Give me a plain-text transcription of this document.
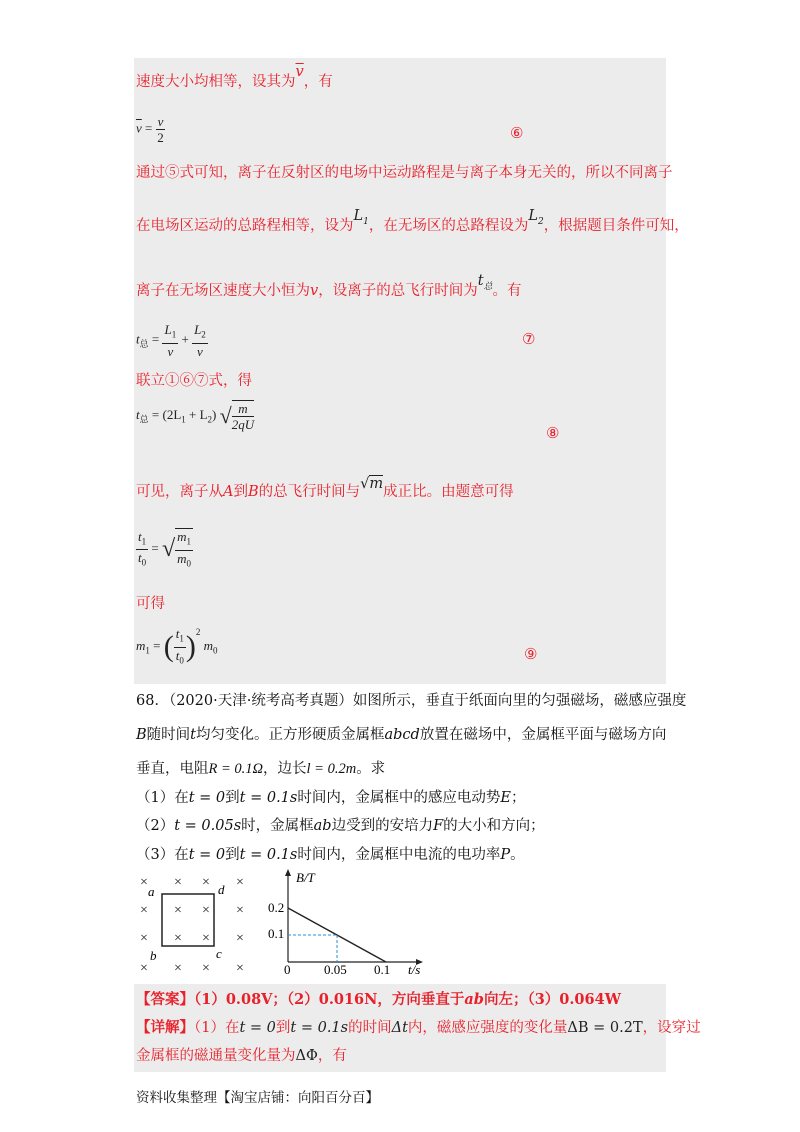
速度大小均相等，设其为$\overline{v}$，有
$\overline{v} = \frac{v}{2}$	⑥
通过⑤式可知，离子在反射区的电场中运动路程是与离子本身无关的，所以不同离子
在电场区运动的总路程相等，设为$L_1$，在无场区的总路程设为$L_2$，根据题目条件可知，
离子在无场区速度大小恒为v，设离子的总飞行时间为$t_总$。有
$t_总 = \frac{L_1}{v} + \frac{L_2}{v}$	⑦
联立①⑥⑦式，得
$t_总 = (2L_1 + L_2)$ √ $\frac{m}{2qU}$
⑧
可见，离子从A到B的总飞行时间与√m成正比。由题意可得
$\frac{t_1}{t_0}$ = √ $\frac{m_1}{m_0}$
可得
$m_1$ = ( $\frac{t_1}{t_0} )^2$ $m_0$	⑨
68．（2020·天津·统考高考真题）如图所示，垂直于纸面向里的匀强磁场，磁感应强度
B随时间t均匀变化。正方形硬质金属框abcd放置在磁场中，金属框平面与磁场方向
垂直，电阻R = 0.1Ω，边长l = 0.2m。求
（1）在t = 0到t = 0.1s时间内，金属框中的感应电动势E；
（2）t = 0.05s时，金属框ab边受到的安培力F的大小和方向；
（3）在t = 0到t = 0.1s时间内，金属框中电流的电功率P。
a	d
b	c
× × × ×
× × × ×
× × × ×
× × × ×
B/T
t/s
0.2
0.1
0	0.05 0.1
【答案】（1）0.08V；（2）0.016N，方向垂直于ab向左；（3）0.064W
【详解】（1）在t = 0到t = 0.1s的时间Δt内，磁感应强度的变化量ΔB = 0.2T，设穿过
金属框的磁通量变化量为ΔΦ，有
资料收集整理【淘宝店铺：向阳百分百】
